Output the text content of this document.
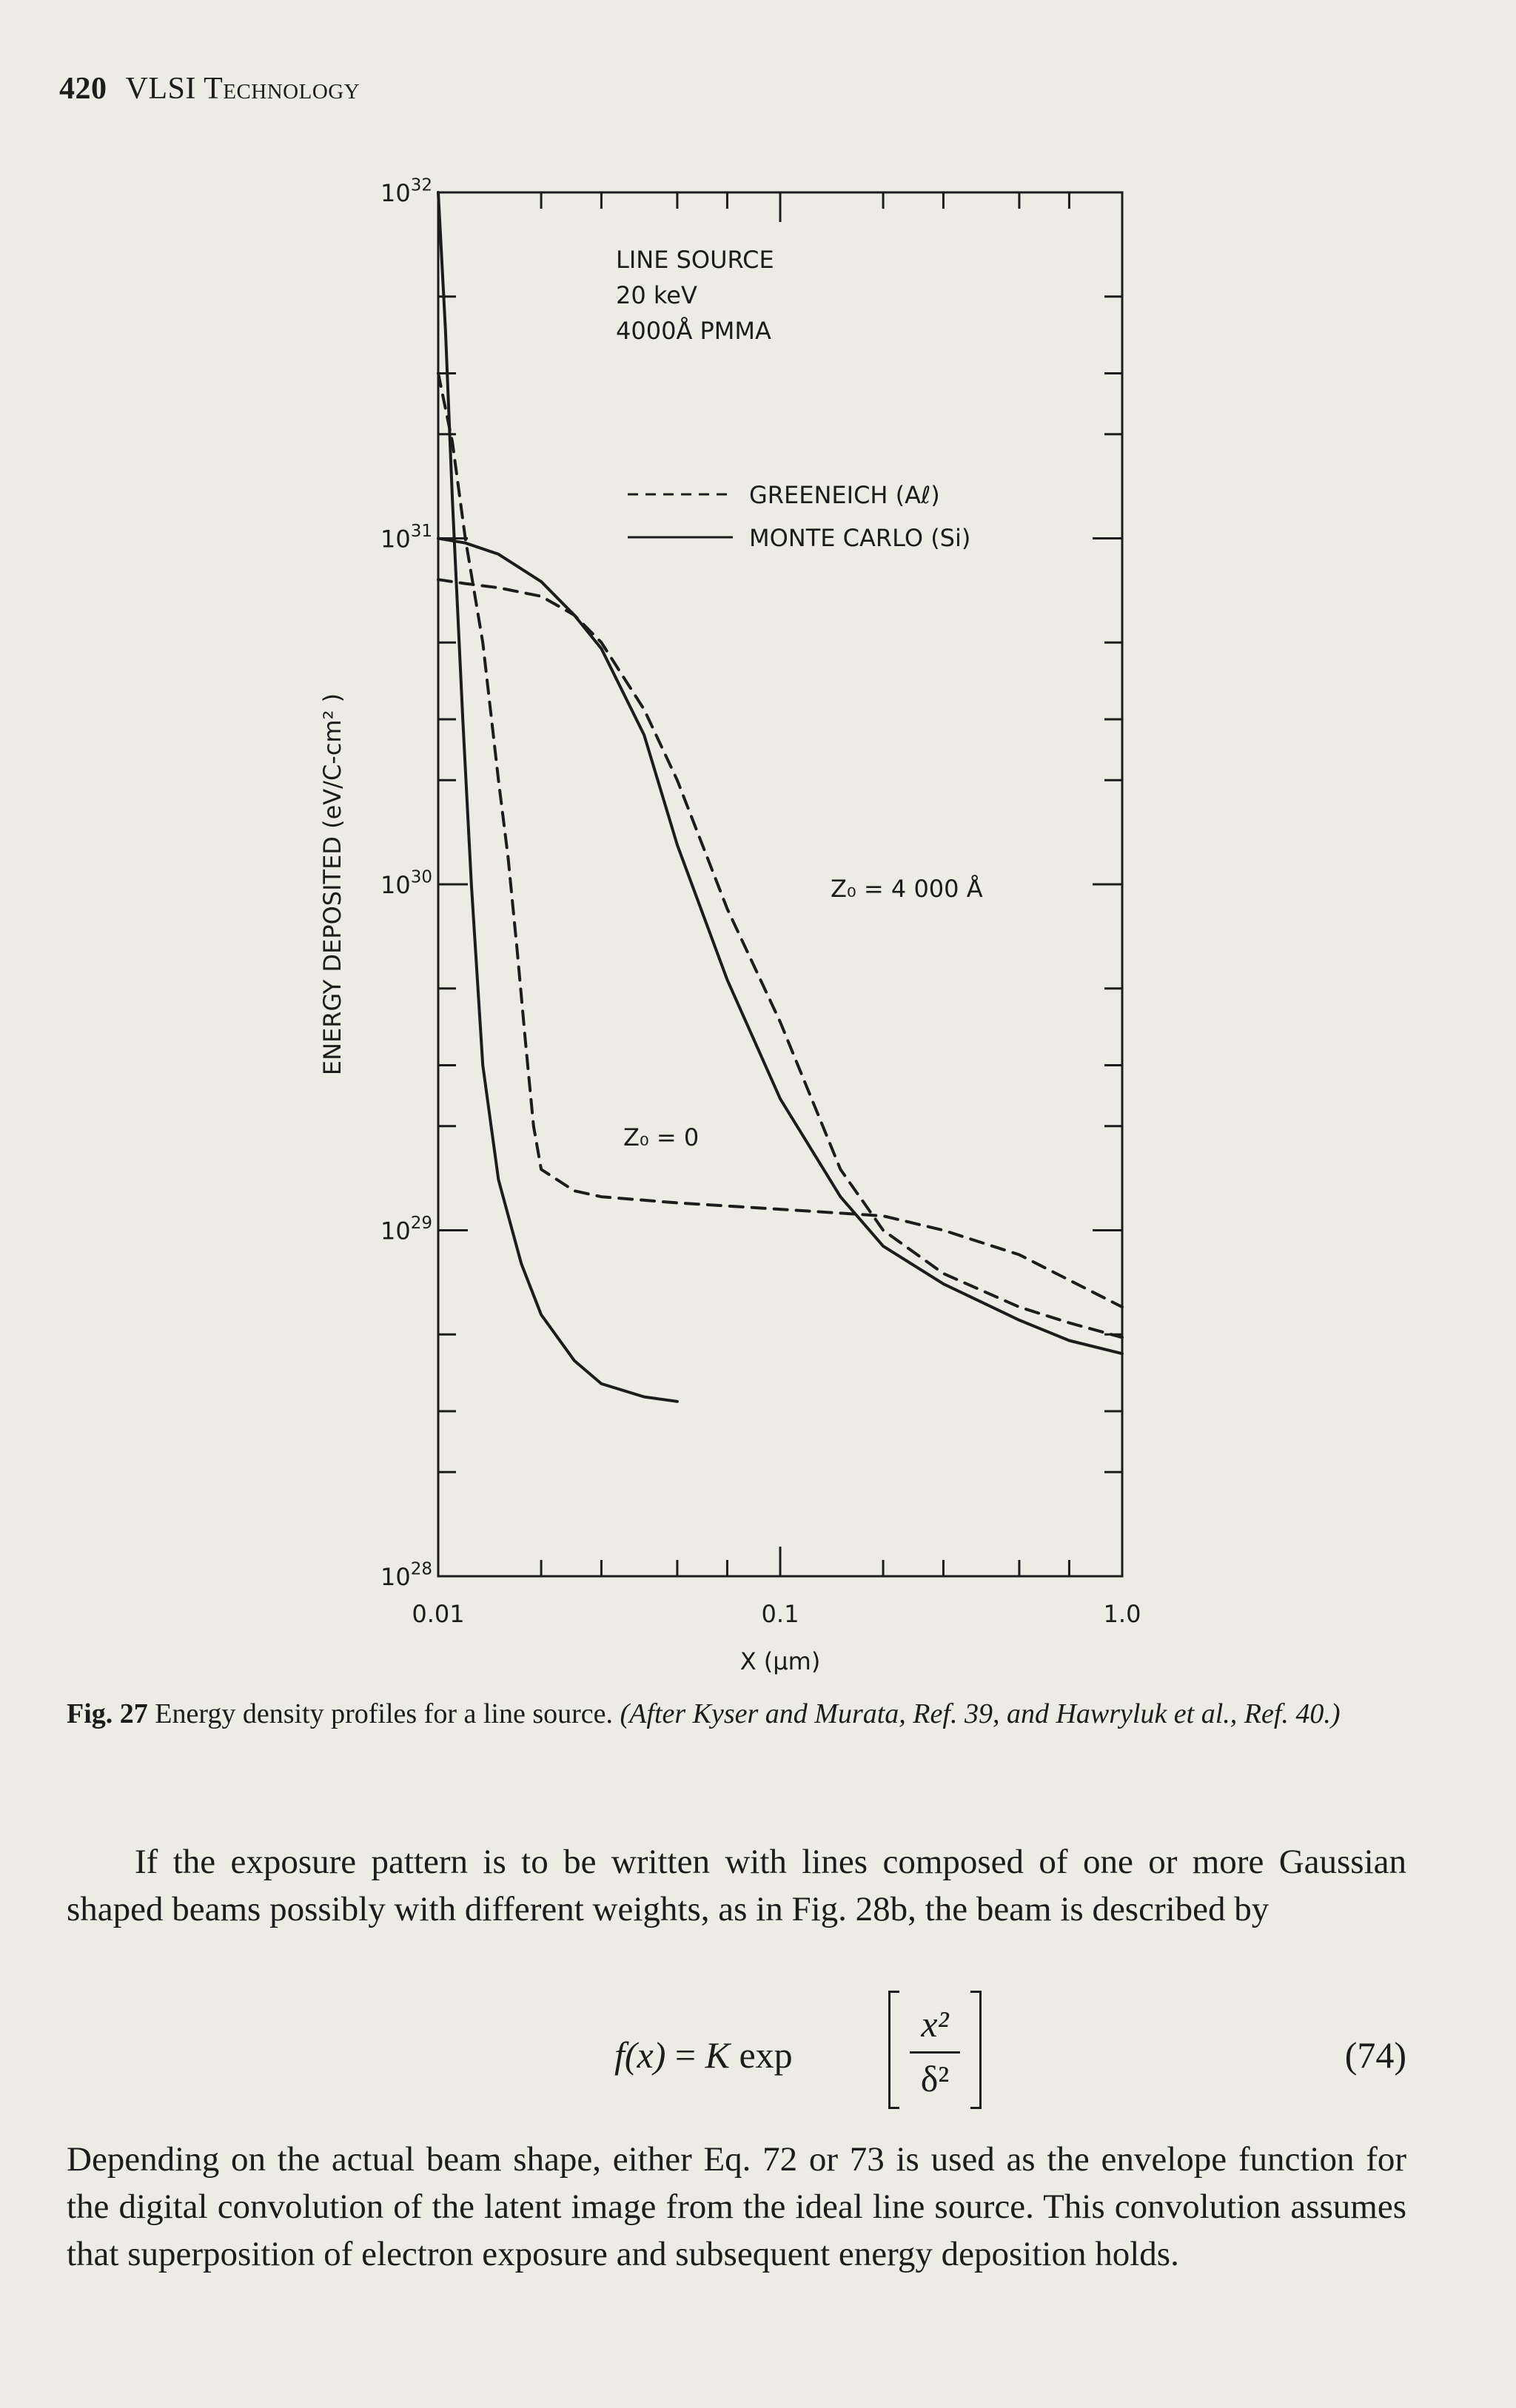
420 VLSI Technology
0.01	0.1	1.0
$10^{28}$
$10^{29}$
$10^{30}$
$10^{31}$
$10^{32}$
X (µm)
ENERGY DEPOSITED (eV/C-cm² )
LINE SOURCE
20 keV
4000Å PMMA
GREENEICH (Aℓ)
MONTE CARLO (Si)
Z₀ = 0
Z₀ = 4 000 Å
Fig. 27 Energy density profiles for a line source. (After Kyser and Murata, Ref. 39, and Hawryluk et al., Ref. 40.)

If the exposure pattern is to be written with lines composed of one or more Gaussian shaped beams possibly with different weights, as in Fig. 28b, the beam is described by

f(x) = K exp
x²
δ²
(74)

Depending on the actual beam shape, either Eq. 72 or 73 is used as the envelope function for the digital convolution of the latent image from the ideal line source. This convolution assumes that superposition of electron exposure and subsequent energy deposition holds.
